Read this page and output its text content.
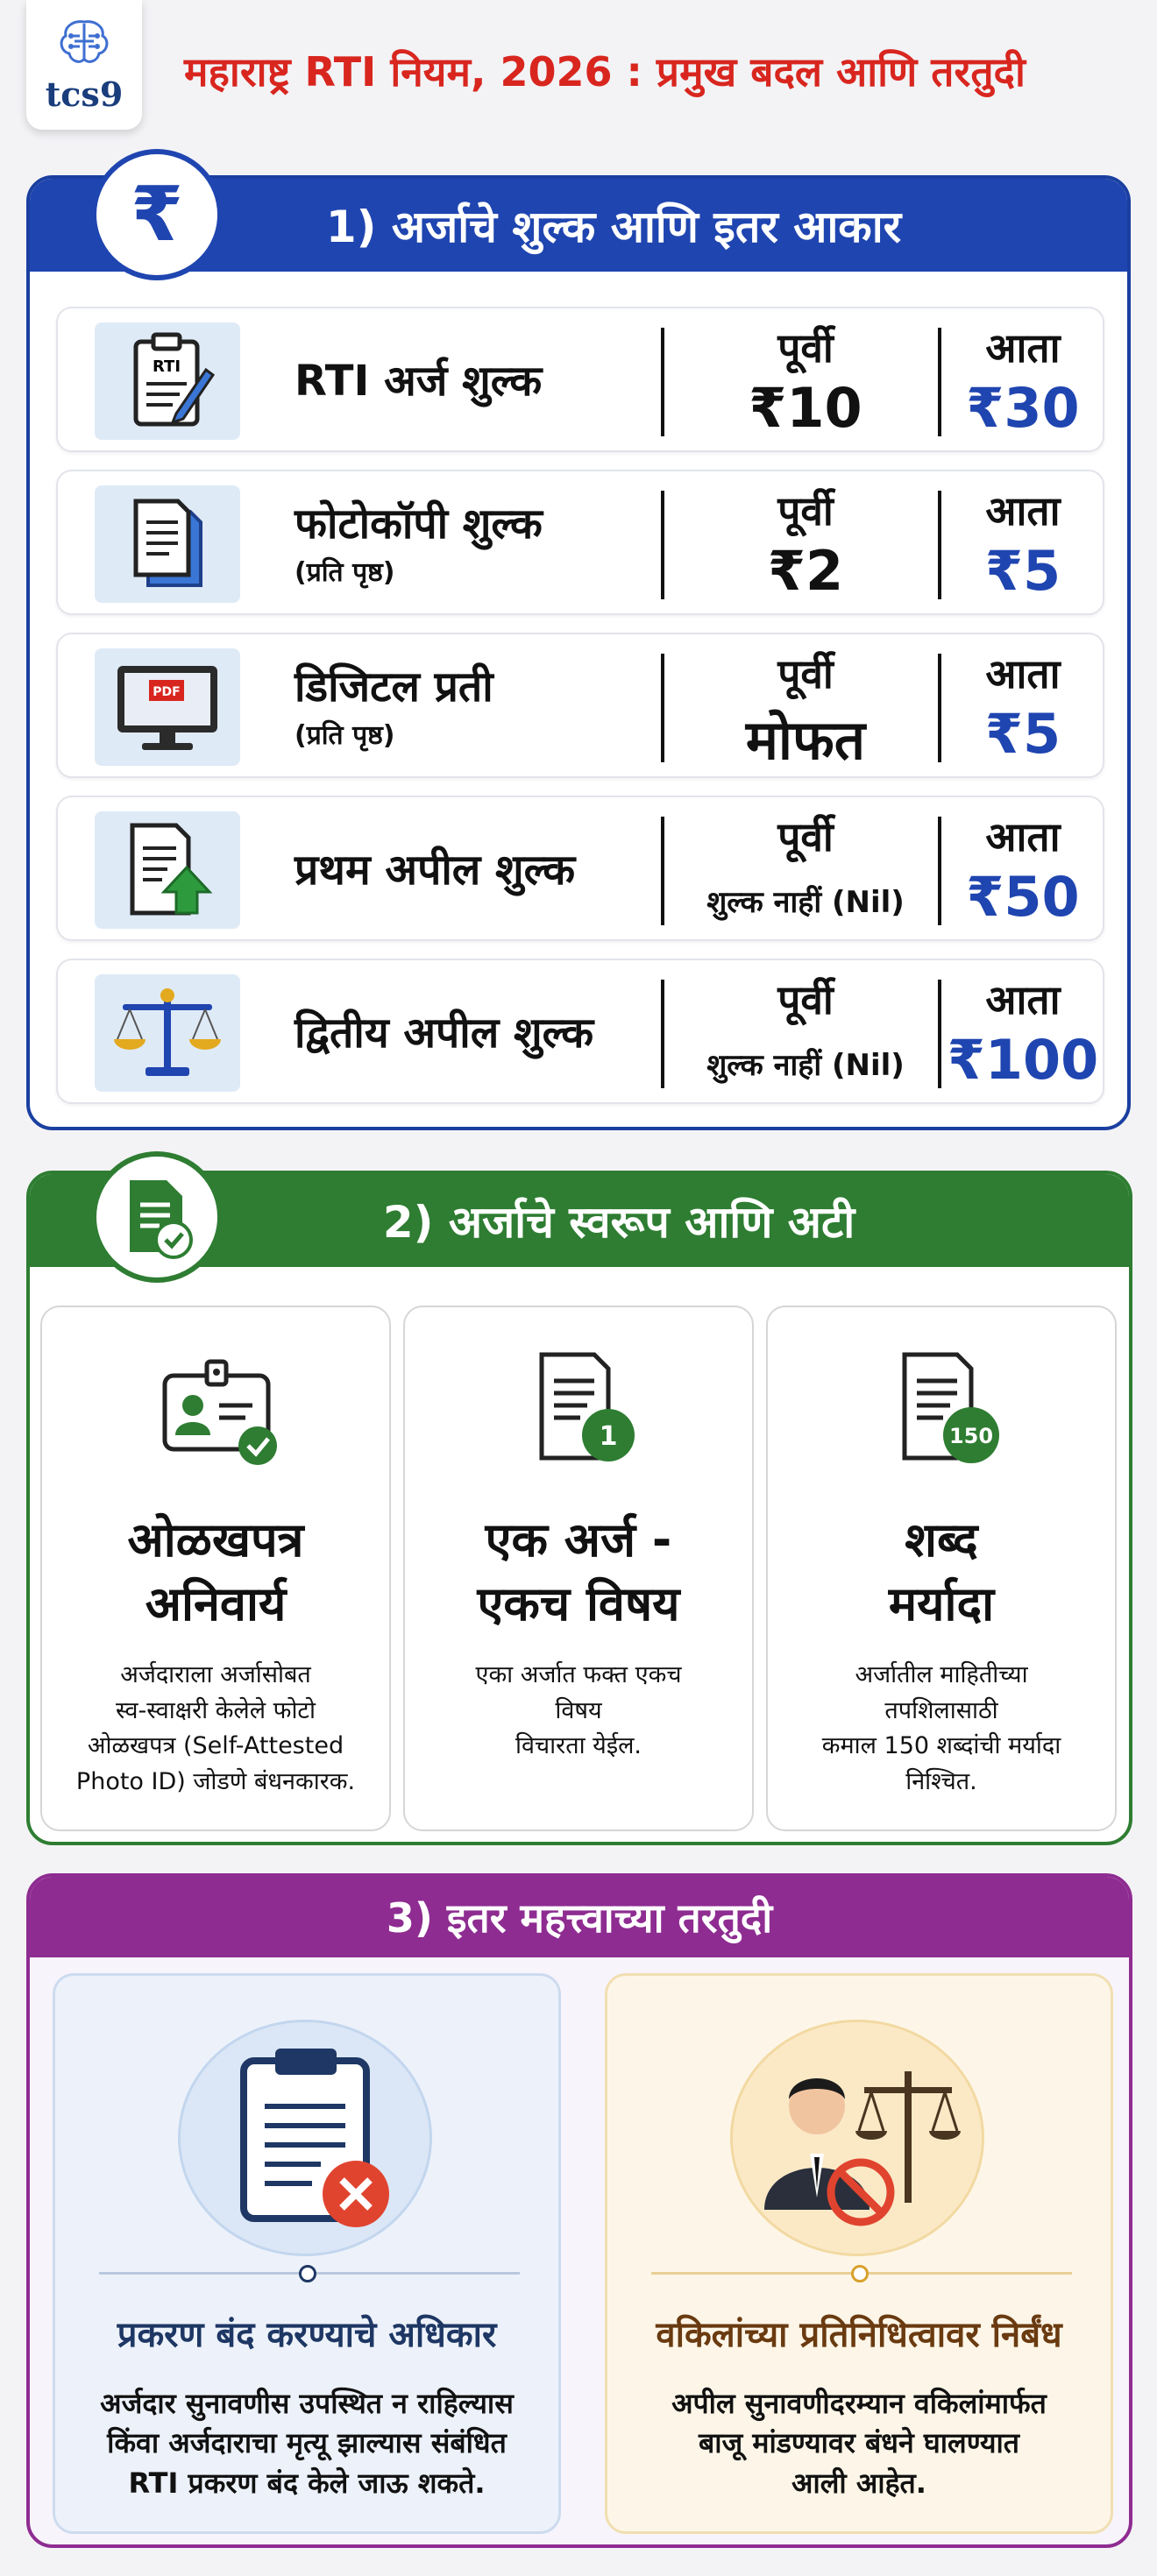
tcs9 महाराष्ट्र RTI नियम, 2026 : प्रमुख बदल आणि तरतुदी
1) अर्जाचे शुल्क आणि इतर आकार
RTI	RTI अर्ज शुल्क
पूर्वी
₹10
आता
₹30
फोटोकॉपी शुल्क
(प्रति पृष्ठ)
पूर्वी
₹2
आता
₹5
PDF	डिजिटल प्रती
(प्रति पृष्ठ)
पूर्वी
मोफत
आता
₹5
प्रथम अपील शुल्क
पूर्वी
शुल्क नाहीं (Nil)
आता
₹50
द्वितीय अपील शुल्क
पूर्वी
शुल्क नाहीं (Nil)
आता
₹100
₹
2) अर्जाचे स्वरूप आणि अटी
ओळखपत्र
अनिवार्य
अर्जदाराला अर्जासोबत
स्व-स्वाक्षरी केलेले फोटो
ओळखपत्र (Self-Attested
Photo ID) जोडणे बंधनकारक.
1
एक अर्ज -
एकच विषय
एका अर्जात फक्त एकच
विषय
विचारता येईल.
150
शब्द
मर्यादा
अर्जातील माहितीच्या
तपशिलासाठी
कमाल 150 शब्दांची मर्यादा
निश्चित.
3) इतर महत्त्वाच्या तरतुदी
प्रकरण बंद करण्याचे अधिकार
अर्जदार सुनावणीस उपस्थित न राहिल्यास
किंवा अर्जदाराचा मृत्यू झाल्यास संबंधित
RTI प्रकरण बंद केले जाऊ शकते.
वकिलांच्या प्रतिनिधित्वावर निर्बंध
अपील सुनावणीदरम्यान वकिलांमार्फत
बाजू मांडण्यावर बंधने घालण्यात
आली आहेत.
